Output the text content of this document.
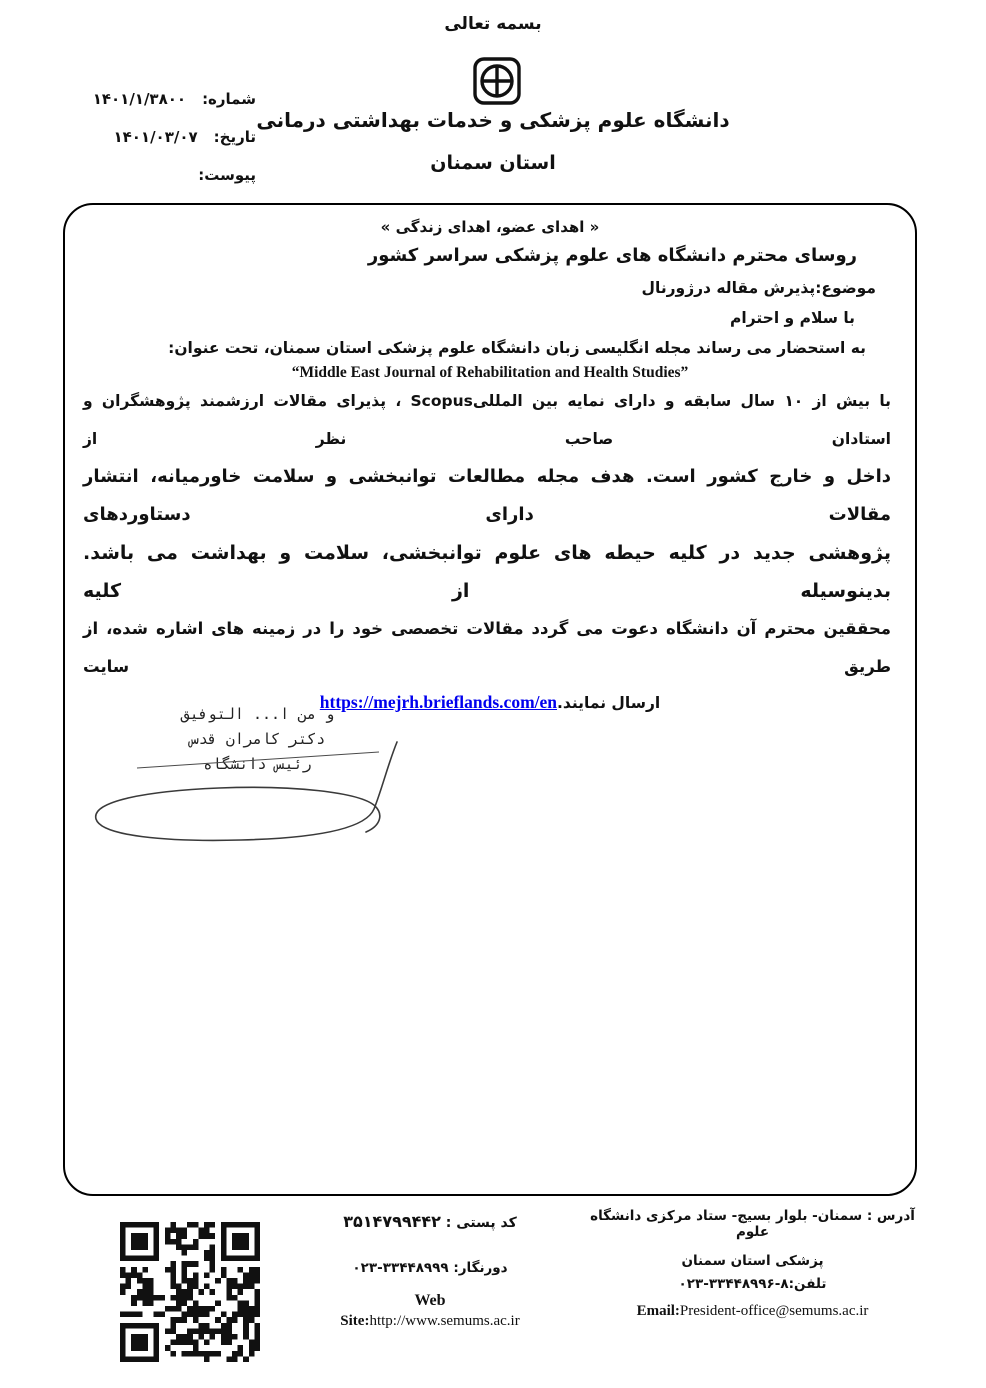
بسمه تعالی
دانشگاه علوم پزشکی و خدمات بهداشتی درمانی
استان سمنان
شماره:
۱۴۰۱/۱/۳۸۰۰
تاریخ:
۱۴۰۱/۰۳/۰۷
پیوست:
« اهدای عضو، اهدای زندگی »
روسای محترم دانشگاه های علوم پزشکی سراسر کشور
موضوع:پذیرش مقاله درژورنال
با سلام و احترام
به استحضار می رساند مجله انگلیسی زبان دانشگاه علوم پزشکی استان سمنان، تحت عنوان:
“Middle East Journal of Rehabilitation and Health Studies”
با بیش از ۱۰ سال سابقه و دارای نمایه بین المللیScopus ، پذیرای مقالات ارزشمند پژوهشگران و استادان صاحب نظر از
داخل و خارج کشور است. هدف مجله مطالعات توانبخشی و سلامت خاورمیانه، انتشار مقالات دارای دستاوردهای
پژوهشی جدید در کلیه حیطه های علوم توانبخشی، سلامت و بهداشت می باشد. بدینوسیله از کلیه
محققین محترم آن دانشگاه دعوت می گردد مقالات تخصصی خود را در زمینه های اشاره شده، از طریق سایت
https://mejrh.brieflands.com/enارسال نمایند.
و من ا... التوفیق
دکتر کامران قدس
رئیس دانشگاه
کد پستی : ۳۵۱۴۷۹۹۴۴۲
دورنگار: ۳۳۴۴۸۹۹۹-۰۲۳
Web
Site:http://www.semums.ac.ir
آدرس : سمنان- بلوار بسیج- ستاد مرکزی دانشگاه علوم
پزشکی استان سمنان
تلفن:۸-۳۳۴۴۸۹۹۶-۰۲۳
Email:President-office@semums.ac.ir
